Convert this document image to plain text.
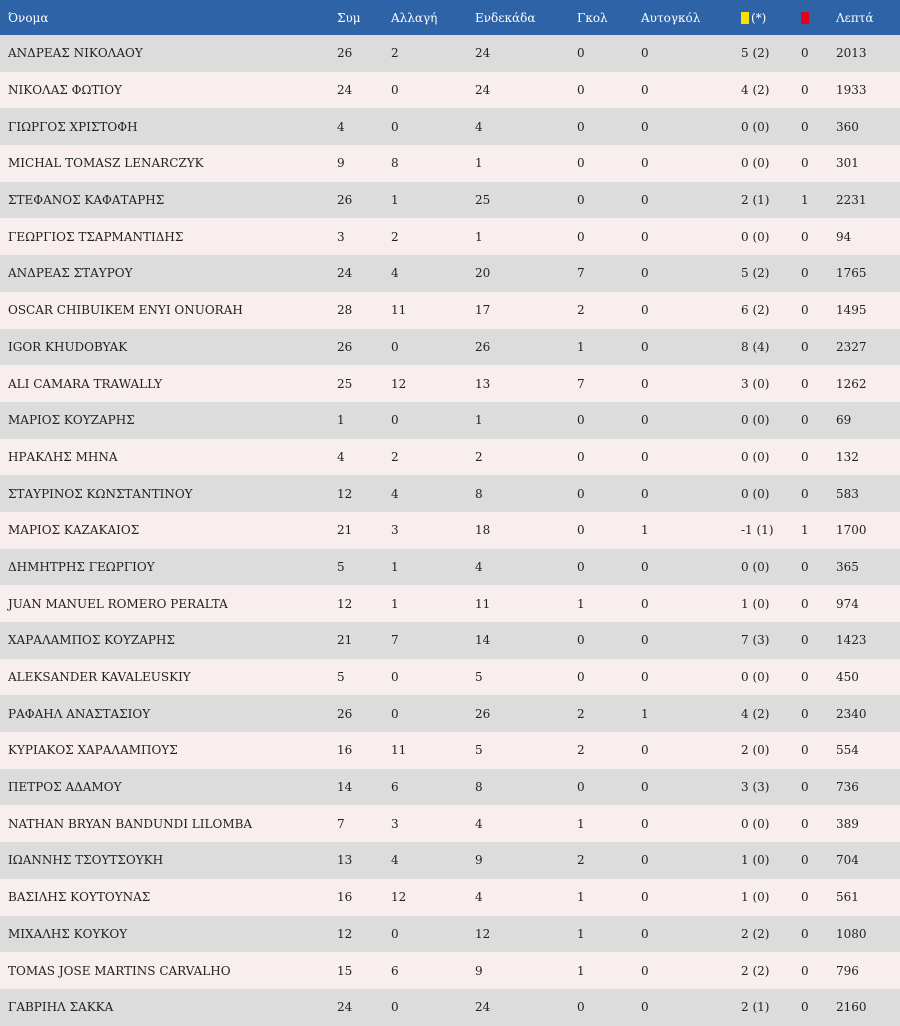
Όνομα	Συμ	Αλλαγή	Ενδεκάδα	Γκολ	Αυτογκόλ	(*)		Λεπτά
ΑΝΔΡΕΑΣ ΝΙΚΟΛΑΟΥ	26	2	24	0	0	5 (2)	0	2013
ΝΙΚΟΛΑΣ ΦΩΤΙΟΥ	24	0	24	0	0	4 (2)	0	1933
ΓΙΩΡΓΟΣ ΧΡΙΣΤΟΦΗ	4	0	4	0	0	0 (0)	0	360
MICHAL TOMASZ LENARCZYK	9	8	1	0	0	0 (0)	0	301
ΣΤΕΦΑΝΟΣ ΚΑΦΑΤΑΡΗΣ	26	1	25	0	0	2 (1)	1	2231
ΓΕΩΡΓΙΟΣ ΤΣΑΡΜΑΝΤΙΔΗΣ	3	2	1	0	0	0 (0)	0	94
ΑΝΔΡΕΑΣ ΣΤΑΥΡΟΥ	24	4	20	7	0	5 (2)	0	1765
OSCAR CHIBUIKEM ENYI ONUORAH	28	11	17	2	0	6 (2)	0	1495
IGOR KHUDOBYAK	26	0	26	1	0	8 (4)	0	2327
ALI CAMARA TRAWALLY	25	12	13	7	0	3 (0)	0	1262
ΜΑΡΙΟΣ ΚΟΥΖΑΡΗΣ	1	0	1	0	0	0 (0)	0	69
ΗΡΑΚΛΗΣ ΜΗΝΑ	4	2	2	0	0	0 (0)	0	132
ΣΤΑΥΡΙΝΟΣ ΚΩΝΣΤΑΝΤΙΝΟΥ	12	4	8	0	0	0 (0)	0	583
ΜΑΡΙΟΣ ΚΑΖΑΚΑΙΟΣ	21	3	18	0	1	-1 (1)	1	1700
ΔΗΜΗΤΡΗΣ ΓΕΩΡΓΙΟΥ	5	1	4	0	0	0 (0)	0	365
JUAN MANUEL ROMERO PERALTA	12	1	11	1	0	1 (0)	0	974
ΧΑΡΑΛΑΜΠΟΣ ΚΟΥΖΑΡΗΣ	21	7	14	0	0	7 (3)	0	1423
ALEKSANDER KAVALEUSKIY	5	0	5	0	0	0 (0)	0	450
ΡΑΦΑΗΛ ΑΝΑΣΤΑΣΙΟΥ	26	0	26	2	1	4 (2)	0	2340
ΚΥΡΙΑΚΟΣ ΧΑΡΑΛΑΜΠΟΥΣ	16	11	5	2	0	2 (0)	0	554
ΠΕΤΡΟΣ ΑΔΑΜΟΥ	14	6	8	0	0	3 (3)	0	736
NATHAN BRYAN BANDUNDI LILOMBA	7	3	4	1	0	0 (0)	0	389
ΙΩΑΝΝΗΣ ΤΣΟΥΤΣΟΥΚΗ	13	4	9	2	0	1 (0)	0	704
ΒΑΣΙΛΗΣ ΚΟΥΤΟΥΝΑΣ	16	12	4	1	0	1 (0)	0	561
ΜΙΧΑΛΗΣ ΚΟΥΚΟΥ	12	0	12	1	0	2 (2)	0	1080
TOMAS JOSE MARTINS CARVALHO	15	6	9	1	0	2 (2)	0	796
ΓΑΒΡΙΗΛ ΣΑΚΚΑ	24	0	24	0	0	2 (1)	0	2160
